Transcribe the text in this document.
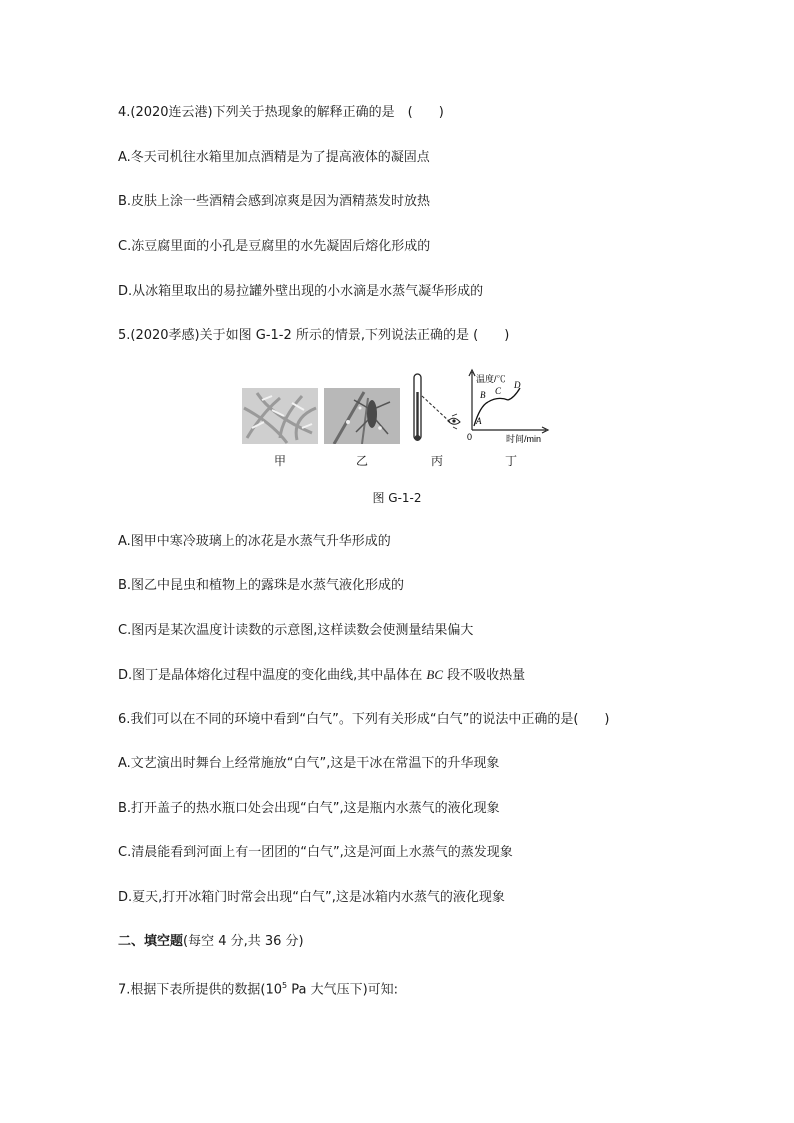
4.(2020连云港)下列关于热现象的解释正确的是　(　　)
A.冬天司机往水箱里加点酒精是为了提高液体的凝固点
B.皮肤上涂一些酒精会感到凉爽是因为酒精蒸发时放热
C.冻豆腐里面的小孔是豆腐里的水先凝固后熔化形成的
D.从冰箱里取出的易拉罐外壁出现的小水滴是水蒸气凝华形成的
5.(2020孝感)关于如图 G-1-2 所示的情景,下列说法正确的是 (　　)
温度/℃
A
B C
D
0	时间/min
甲	乙	丙	丁
图 G-1-2
A.图甲中寒冷玻璃上的冰花是水蒸气升华形成的
B.图乙中昆虫和植物上的露珠是水蒸气液化形成的
C.图丙是某次温度计读数的示意图,这样读数会使测量结果偏大
D.图丁是晶体熔化过程中温度的变化曲线,其中晶体在 BC 段不吸收热量
6.我们可以在不同的环境中看到“白气”。下列有关形成“白气”的说法中正确的是(　　)
A.文艺演出时舞台上经常施放“白气”,这是干冰在常温下的升华现象
B.打开盖子的热水瓶口处会出现“白气”,这是瓶内水蒸气的液化现象
C.清晨能看到河面上有一团团的“白气”,这是河面上水蒸气的蒸发现象
D.夏天,打开冰箱门时常会出现“白气”,这是冰箱内水蒸气的液化现象
二、填空题(每空 4 分,共 36 分)
7.根据下表所提供的数据($10^5$ Pa 大气压下)可知:
